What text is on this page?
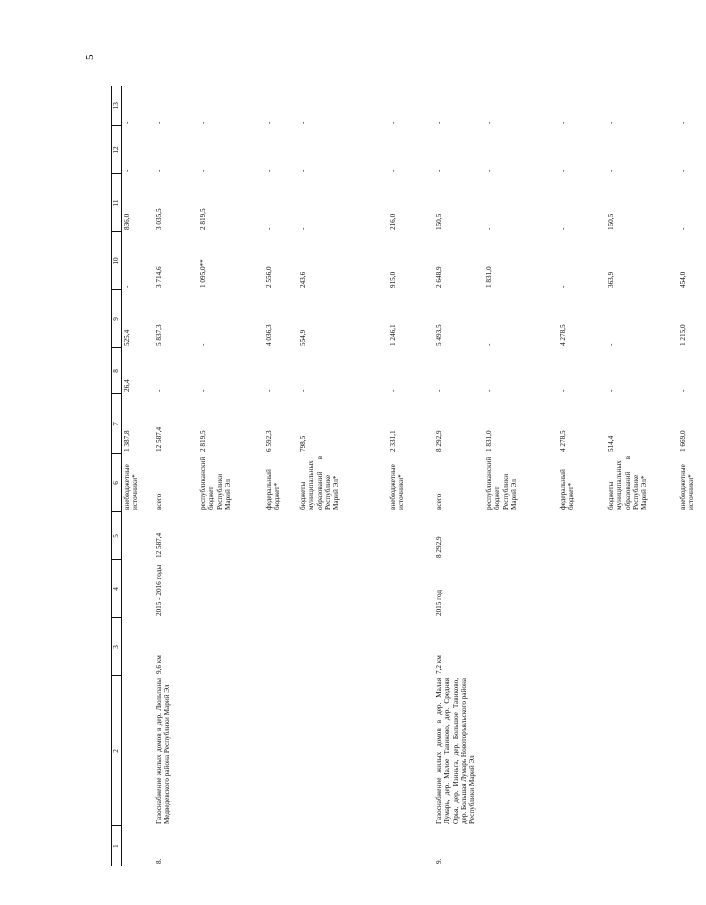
5
1	2	3	4	5	6	7	8	9	10	11	12	13
					внебюджетные источники*	1 387,8	26,4	525,4	-	836,0	-	-
8.	Газоснабжение жилых домов в дер. Люльпаны Медведевского района Республики Марий Эл	9,6 км	2015 - 2016 годы	12 587,4	всего	12 587,4	-	5 837,3	3 714,6	3 035,5	-	-
					республиканский бюджет Республики Марий Эл	2 819,5	-	-	1 095,0**	2 819,5	-	-
					федеральный бюджет*	6 592,3	-	4 036,3	2 556,0	-	-	-
					бюджеты муниципальных образований в Республике Марий Эл*	798,5	-	554,9	243,6	-	-	-
					внебюджетные источники*	2 331,1	-	1 246,1	915,0	216,0	-	-
9.	Газоснабжение жилых домов в дер. Малая Лумарь, дер. Малое Тавиково, дер. Средняя Орья, дер. Изиньга, дер. Большое Тавиково, дер. Большая Лумарь Новоторъяльского района Республики Марий Эл	7,2 км	2015 год	8 292,9	всего	8 292,9	-	5 493,5	2 648,9	150,5	-	-
					республиканский бюджет Республики Марий Эл	1 831,0	-	-	1 831,0	-	-	-
					федеральный бюджет*	4 278,5	-	4 278,5	-	-	-	-
					бюджеты муниципальных образований в Республике Марий Эл*	514,4	-	-	363,9	150,5	-	-
					внебюджетные источники*	1 669,0	-	1 215,0	454,0	-	-	-
